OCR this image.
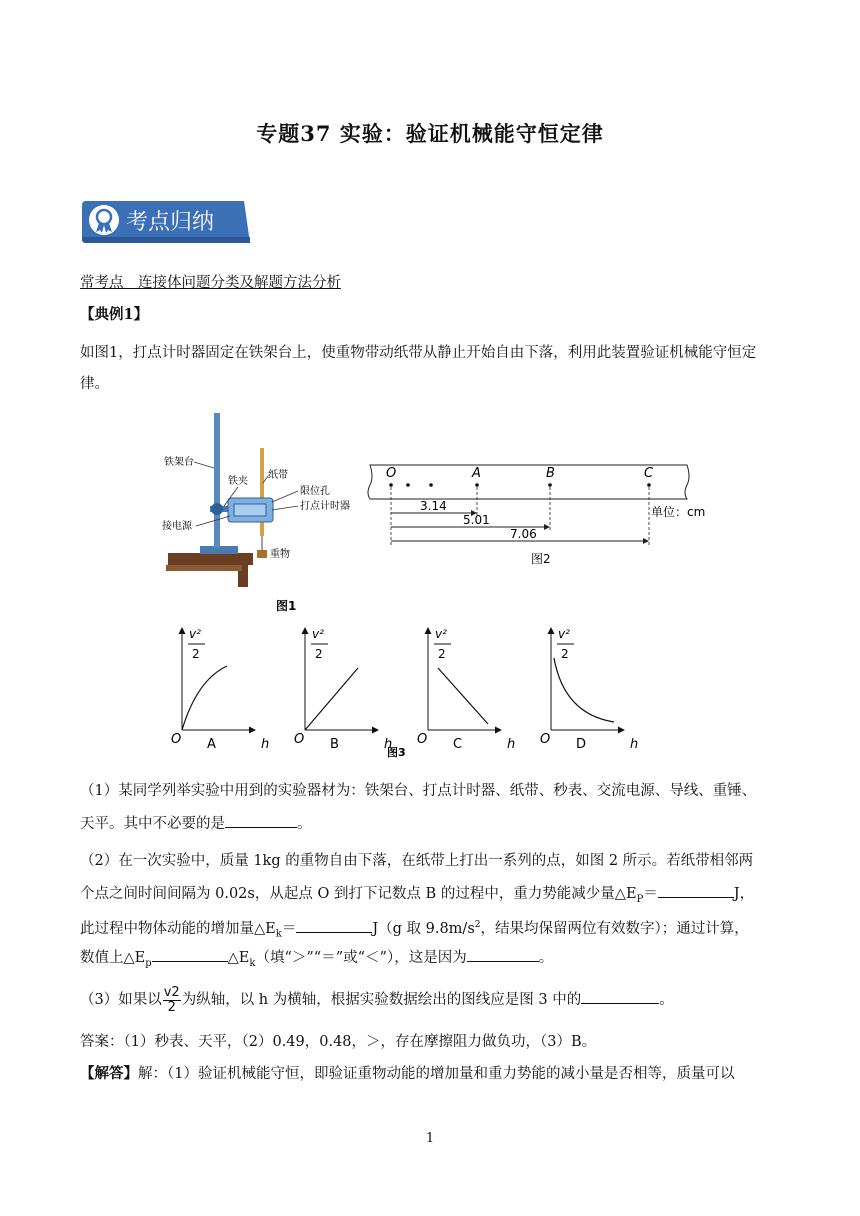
专题37 实验：验证机械能守恒定律
考点归纳
常考点　连接体问题分类及解题方法分析
【典例1】
如图1，打点计时器固定在铁架台上，使重物带动纸带从静止开始自由下落，利用此装置验证机械能守恒定
律。
铁架台
铁夹
纸带
限位孔
打点计时器
接电源
重物
图1
O	A	B	C
3.14
5.01
7.06
单位：cm
图2
v²
2
O A	h
v²
2
O B	h
v²
2
O C	h
v²
2
O D	h
图3
（1）某同学列举实验中用到的实验器材为：铁架台、打点计时器、纸带、秒表、交流电源、导线、重锤、
天平。其中不必要的是	。
（2）在一次实验中，质量 1kg 的重物自由下落，在纸带上打出一系列的点，如图 2 所示。若纸带相邻两
个点之间时间间隔为 0.02s，从起点 O 到打下记数点 B 的过程中，重力势能减少量$\triangle E_P=$	J，
此过程中物体动能的增加量$\triangle E_k=$	J（g 取 $9.8m/s^2$，结果均保留两位有效数字）；通过计算，
数值上$\triangle E_p$	$\triangle E_k$（填“＞”“＝”或“＜”），这是因为	。
（3）如果以 $\frac{v2}{2}$ 为纵轴，以 h 为横轴，根据实验数据绘出的图线应是图 3 中的	。
答案：（1）秒表、天平，（2）0.49，0.48，＞，存在摩擦阻力做负功，（3）B。
【解答】解：（1）验证机械能守恒，即验证重物动能的增加量和重力势能的减小量是否相等，质量可以
1
